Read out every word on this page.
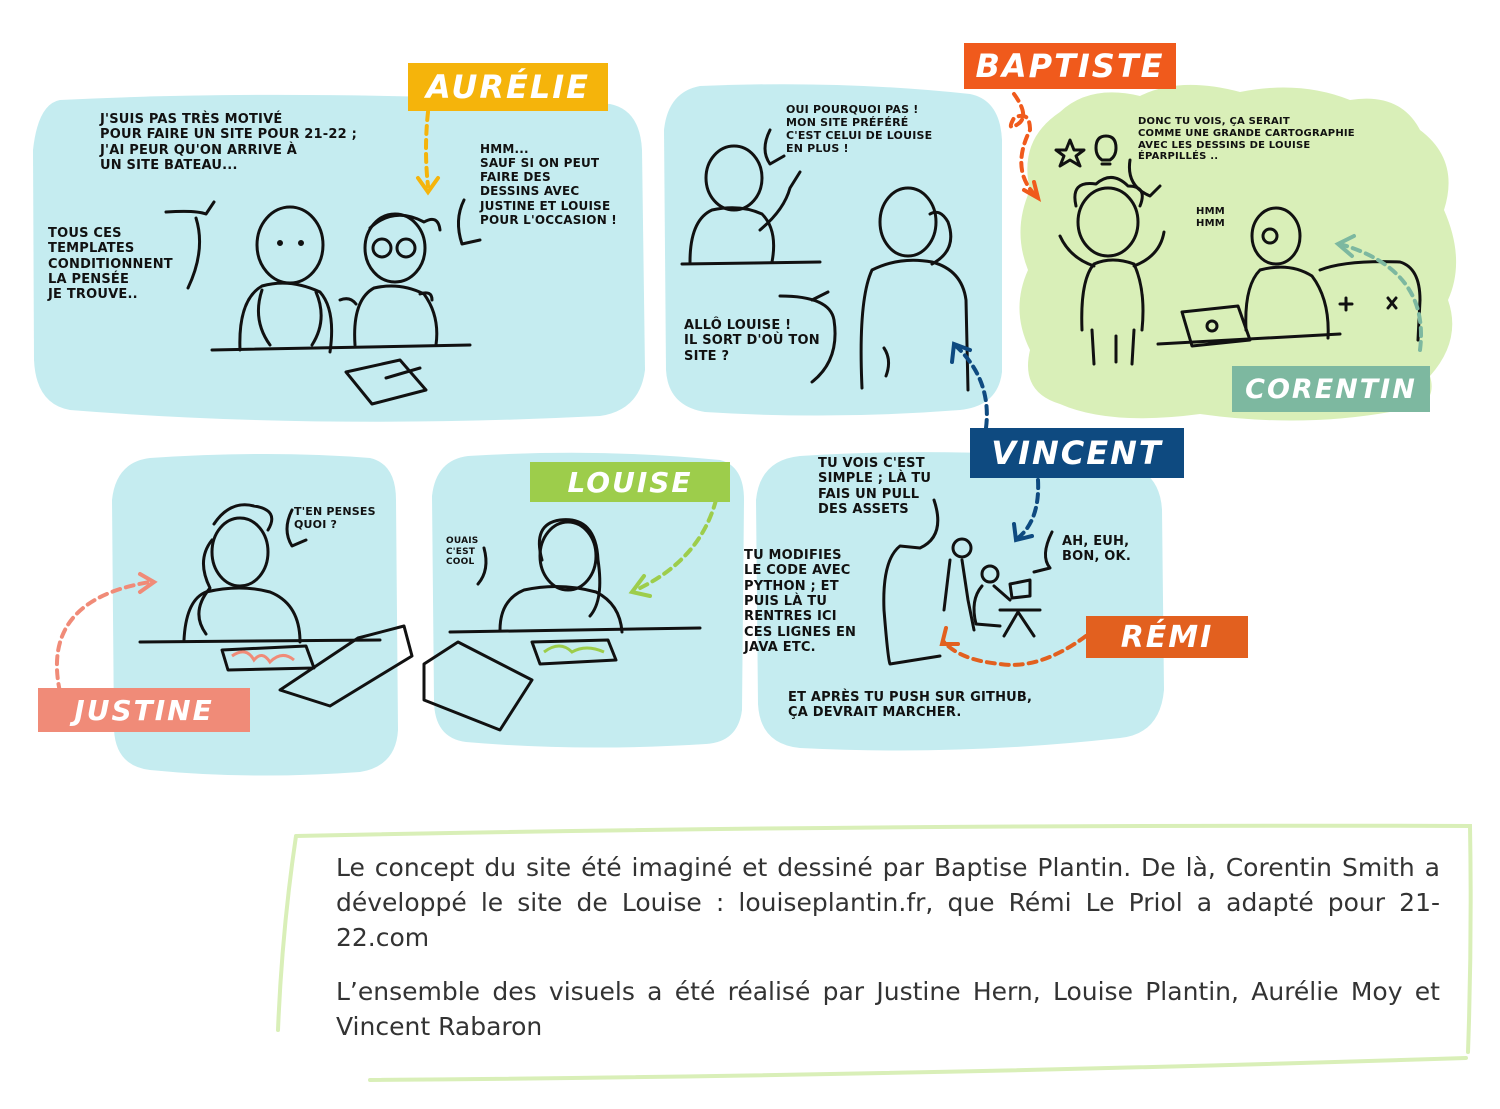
AURÉLIE
BAPTISTE
CORENTIN
VINCENT
LOUISE
JUSTINE
RÉMI
J'SUIS PAS TRÈS MOTIVÉ
POUR FAIRE UN SITE POUR 21-22 ;
J'AI PEUR QU'ON ARRIVE À
UN SITE BATEAU...
TOUS CES
TEMPLATES
CONDITIONNENT
LA PENSÉE
JE TROUVE..
HMM...
SAUF SI ON PEUT
FAIRE DES
DESSINS AVEC
JUSTINE ET LOUISE
POUR L'OCCASION !
OUI POURQUOI PAS !
MON SITE PRÉFÉRÉ
C'EST CELUI DE LOUISE
EN PLUS !
ALLÔ LOUISE !
IL SORT D'OÙ TON
SITE ?
DONC TU VOIS, ÇA SERAIT
COMME UNE GRANDE CARTOGRAPHIE
AVEC LES DESSINS DE LOUISE
ÉPARPILLÉS ..
HMM
HMM
T'EN PENSES
QUOI ?
OUAIS
C'EST
COOL
TU VOIS C'EST
SIMPLE ; LÀ TU
FAIS UN PULL
DES ASSETS
TU MODIFIES
LE CODE AVEC
PYTHON ; ET
PUIS LÀ TU
RENTRES ICI
CES LIGNES EN
JAVA ETC.
ET APRÈS TU PUSH SUR GITHUB,
ÇA DEVRAIT MARCHER.
AH, EUH,
BON, OK.

Le concept du site été imaginé et dessiné par Baptise Plantin. De là, Corentin Smith a développé le site de Louise : louiseplantin.fr, que Rémi Le Priol a adapté pour 21-22.com

L’ensemble des visuels a été réalisé par Justine Hern, Louise Plantin, Aurélie Moy et Vincent Rabaron
